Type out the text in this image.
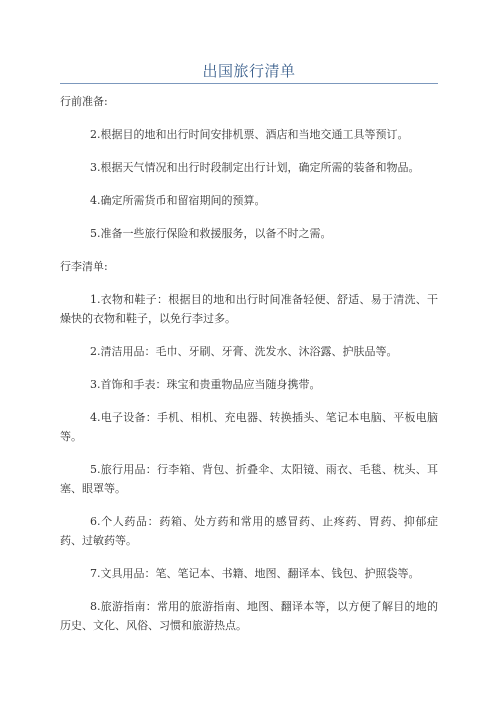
出国旅行清单

行前准备:

2.根据目的地和出行时间安排机票、酒店和当地交通工具等预订。

3.根据天气情况和出行时段制定出行计划，确定所需的装备和物品。

4.确定所需货币和留宿期间的预算。

5.准备一些旅行保险和救援服务，以备不时之需。

行李清单:

1.衣物和鞋子：根据目的地和出行时间准备轻便、舒适、易于清洗、干燥快的衣物和鞋子，以免行李过多。

2.清洁用品：毛巾、牙刷、牙膏、洗发水、沐浴露、护肤品等。

3.首饰和手表：珠宝和贵重物品应当随身携带。

4.电子设备：手机、相机、充电器、转换插头、笔记本电脑、平板电脑等。

5.旅行用品：行李箱、背包、折叠伞、太阳镜、雨衣、毛毯、枕头、耳塞、眼罩等。

6.个人药品：药箱、处方药和常用的感冒药、止疼药、胃药、抑郁症药、过敏药等。

7.文具用品：笔、笔记本、书籍、地图、翻译本、钱包、护照袋等。

8.旅游指南：常用的旅游指南、地图、翻译本等，以方便了解目的地的历史、文化、风俗、习惯和旅游热点。
